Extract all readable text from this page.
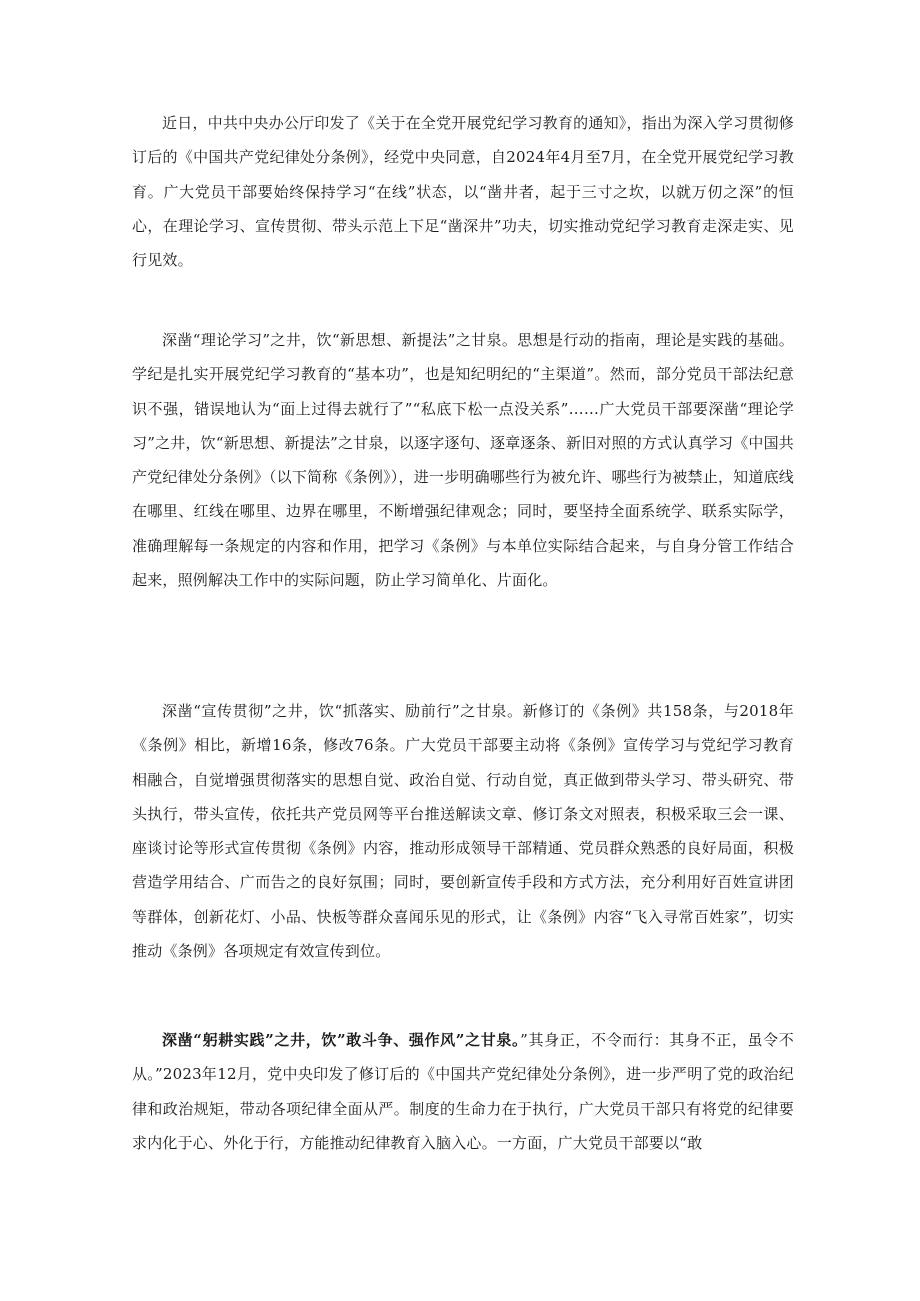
近日，中共中央办公厅印发了《关于在全党开展党纪学习教育的通知》，指出为深入学习贯彻修订后的《中国共产党纪律处分条例》，经党中央同意，自2024年4月至7月，在全党开展党纪学习教育。广大党员干部要始终保持学习“在线”状态，以“凿井者，起于三寸之坎，以就万仞之深”的恒心，在理论学习、宣传贯彻、带头示范上下足“凿深井”功夫，切实推动党纪学习教育走深走实、见行见效。

深凿“理论学习”之井，饮“新思想、新提法”之甘泉。思想是行动的指南，理论是实践的基础。学纪是扎实开展党纪学习教育的“基本功”，也是知纪明纪的“主渠道”。然而，部分党员干部法纪意识不强，错误地认为“面上过得去就行了”“私底下松一点没关系”……广大党员干部要深凿“理论学习”之井，饮“新思想、新提法”之甘泉，以逐字逐句、逐章逐条、新旧对照的方式认真学习《中国共产党纪律处分条例》（以下简称《条例》），进一步明确哪些行为被允许、哪些行为被禁止，知道底线在哪里、红线在哪里、边界在哪里，不断增强纪律观念；同时，要坚持全面系统学、联系实际学，准确理解每一条规定的内容和作用，把学习《条例》与本单位实际结合起来，与自身分管工作结合起来，照例解决工作中的实际问题，防止学习简单化、片面化。

深凿“宣传贯彻”之井，饮“抓落实、励前行”之甘泉。新修订的《条例》共158条，与2018年《条例》相比，新增16条，修改76条。广大党员干部要主动将《条例》宣传学习与党纪学习教育相融合，自觉增强贯彻落实的思想自觉、政治自觉、行动自觉，真正做到带头学习、带头研究、带头执行，带头宣传，依托共产党员网等平台推送解读文章、修订条文对照表，积极采取三会一课、座谈讨论等形式宣传贯彻《条例》内容，推动形成领导干部精通、党员群众熟悉的良好局面，积极营造学用结合、广而告之的良好氛围；同时，要创新宣传手段和方式方法，充分利用好百姓宣讲团等群体，创新花灯、小品、快板等群众喜闻乐见的形式，让《条例》内容“飞入寻常百姓家”，切实推动《条例》各项规定有效宣传到位。

深凿“躬耕实践”之井，饮”敢斗争、强作风”之甘泉。”其身正，不令而行：其身不正，虽令不从。”2023年12月，党中央印发了修订后的《中国共产党纪律处分条例》，进一步严明了党的政治纪律和政治规矩，带动各项纪律全面从严。制度的生命力在于执行，广大党员干部只有将党的纪律要求内化于心、外化于行，方能推动纪律教育入脑入心。一方面，广大党员干部要以“敢
